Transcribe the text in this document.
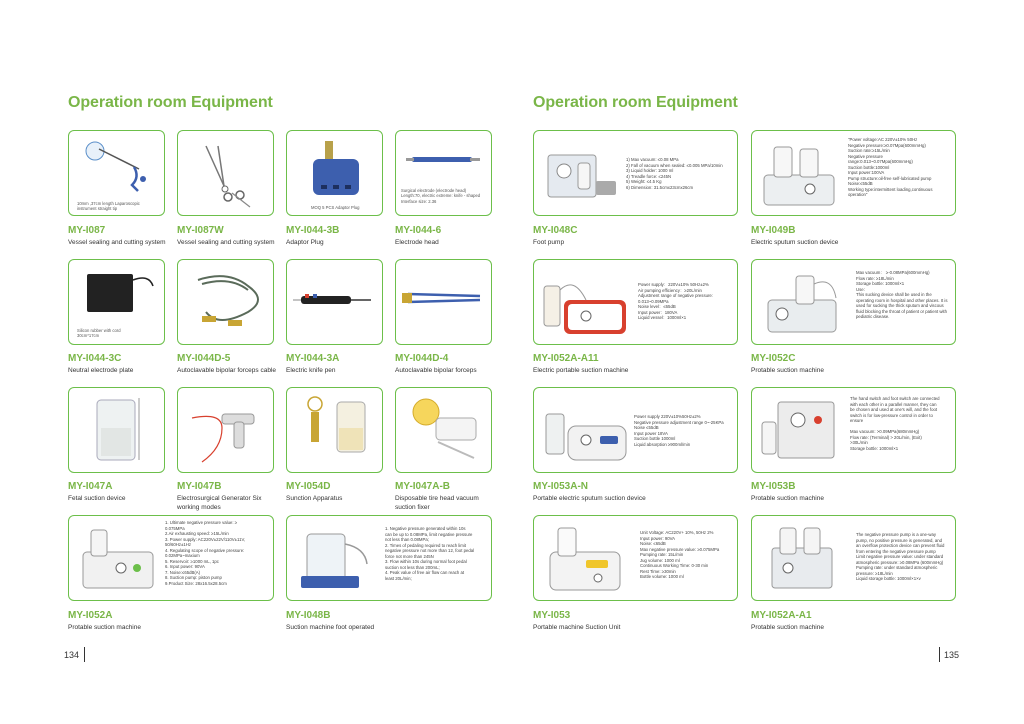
Operation room Equipment
10mm ,37cm length Laparoscopic
instrument straight tip	MOQ 5 PCS Adaptor Plug
Surgical electrode (electrode head)
Length:70, electric extreme: knife - shaped
Interface size: 2.36
MY-I087
Vessel sealing and cutting system
MY-I087W
Vessel sealing and cutting system
MY-I044-3B
Adaptor Plug
MY-I044-6
Electrode head
Silicon rubber with cord
30cm*17cm
MY-I044-3C
Neutral electrode plate
MY-I044D-5
Autoclavable bipolar forceps cable
MY-I044-3A
Electric knife pen
MY-I044D-4
Autoclavable bipolar forceps
MY-I047A
Fetal suction device
MY-I047B
Electrosurgical Generator Six working modes
MY-I054D
Sunction Apparatus
MY-I047A-B
Disposable tire head vacuum suction fixer
1. Ultimate negative pressure value: ≥
0.075MPa
2.Air exhausting speed: ≥15L/min
3. Power supply: AC220V±22V/110V±11V,
50/60Hz±1Hz
4. Regulating scope of negative pressure:
0.02MPa~maxium
5. Reservoir: ≥1000 mL, 1pc
6. Input power: 90VA
7. Noise:≤65dB(A)
8. Suction pump: piston pump
9.Product Size: 28x16.5x28.5cm
1. Negative pressure generated within 10s
can be up to 0.08MPa, limit negative pressure
not less than 0.08MPa;
2. Times of pedaling required to reach limit
negative pressure not more than 12, foot pedal
force not more than 245N
3. Flow within 10s during normal foot pedal
suction not less than 200mL;
4. Peak value of free air flow can reach at
least 20L/min;
MY-I052A
Protable suction machine
MY-I048B
Suction machine foot operated
134
Operation room Equipment
1) Max vacuum: ≤0.08 MPa
2) Fall of vacuum when sealed: ≤0.005 MPa/10min
3) Liquid holder: 1000 ml
4) Treadle force: ≤245N
5) Weight: ≤4.5 Kg
6) Dimension: 31.5cmx23cmx26cm
"Power voltage:AC 220V±10% 50Hz
Negative pressure:≥0.07Mpa(600mmHg)
Suction rate:≥15L/min
Negative pressure
range:0.013~0.07Mpa(600mmHg)
Suction bottle:1000ml
Input power:100VA
Pump structure:oil-free self-lubricated pump
Noise:≤55dB
Working type:intermittent loading,continuous
operation"
MY-I048C
Foot pump
MY-I049B
Electric sputum suction device
Power supply：220V±10% 50Hz±2%
Air pumping efficiency：≥20L/min
Adjustment range of negative pressure：
0.013~0.09MPa
Noise level：≤65dB
Input power：180VA
Liquid vessel：1000ml×1
Max vacuum： ≥-0.08MPa(600mmHg)
Flow rate: ≥18L/min
Storage bottle: 1000ml×1
Use:
This sucking device shall be used in the
operating room in hospital and other places. It is
used for sucking the thick sputum and viscous
fluid blocking the throat of patient or patient with
pediatric disease.
MY-I052A-A11
Electric portable suction machine
MY-I052C
Protable suction machine
Power supply 220V±10%50Hz±2%
Negative pressure adjustment range 0~-25KPa
Noise ≤55dB
Input power 18VA
Suction bottle 1000ml
Liquid absorption ≥900ml/min
The hand switch and foot switch are connected
with each other in a parallel manner, they can
be chosen and used at one's will, and the foot
switch is for low-pressure control in order to
ensure

Max vacuum: >0.09MPa(680mmHg)
Flow rate: (Terminal) > 20L/min, (Exit)
>30L/min
Storage bottle: 1000ml×1
MY-I053A-N
Portable electric sputum suction device
MY-I053B
Protable suction machine
Unit Voltage: AC220V+ 10%, 50Hz 2%
Input power: 90VA
Noise: ≤65dB
Max negative pressure value: ≥0.075MPa
Pumping rate: 15L/min
Jug volume: 1000 ml
Continuous Working Time: 0-30 min
Rest Time: ≥30min
Bottle volume: 1000 ml
The negative pressure pump is a one-way
pump, no positive pressure is generated, and
an overflow protection device can prevent fluid
from entering the negative pressure pump
Limit negative pressure value: under standard
atmospheric pressure: ≥0.08MPa (600mmHg)
Pumping rate: under standard atmospheric
pressure: ≥18L/min
Liquid storage bottle: 1000ml×1×v
MY-I053
Portable machine Suction Unit
MY-I052A-A1
Protable suction machine
135
